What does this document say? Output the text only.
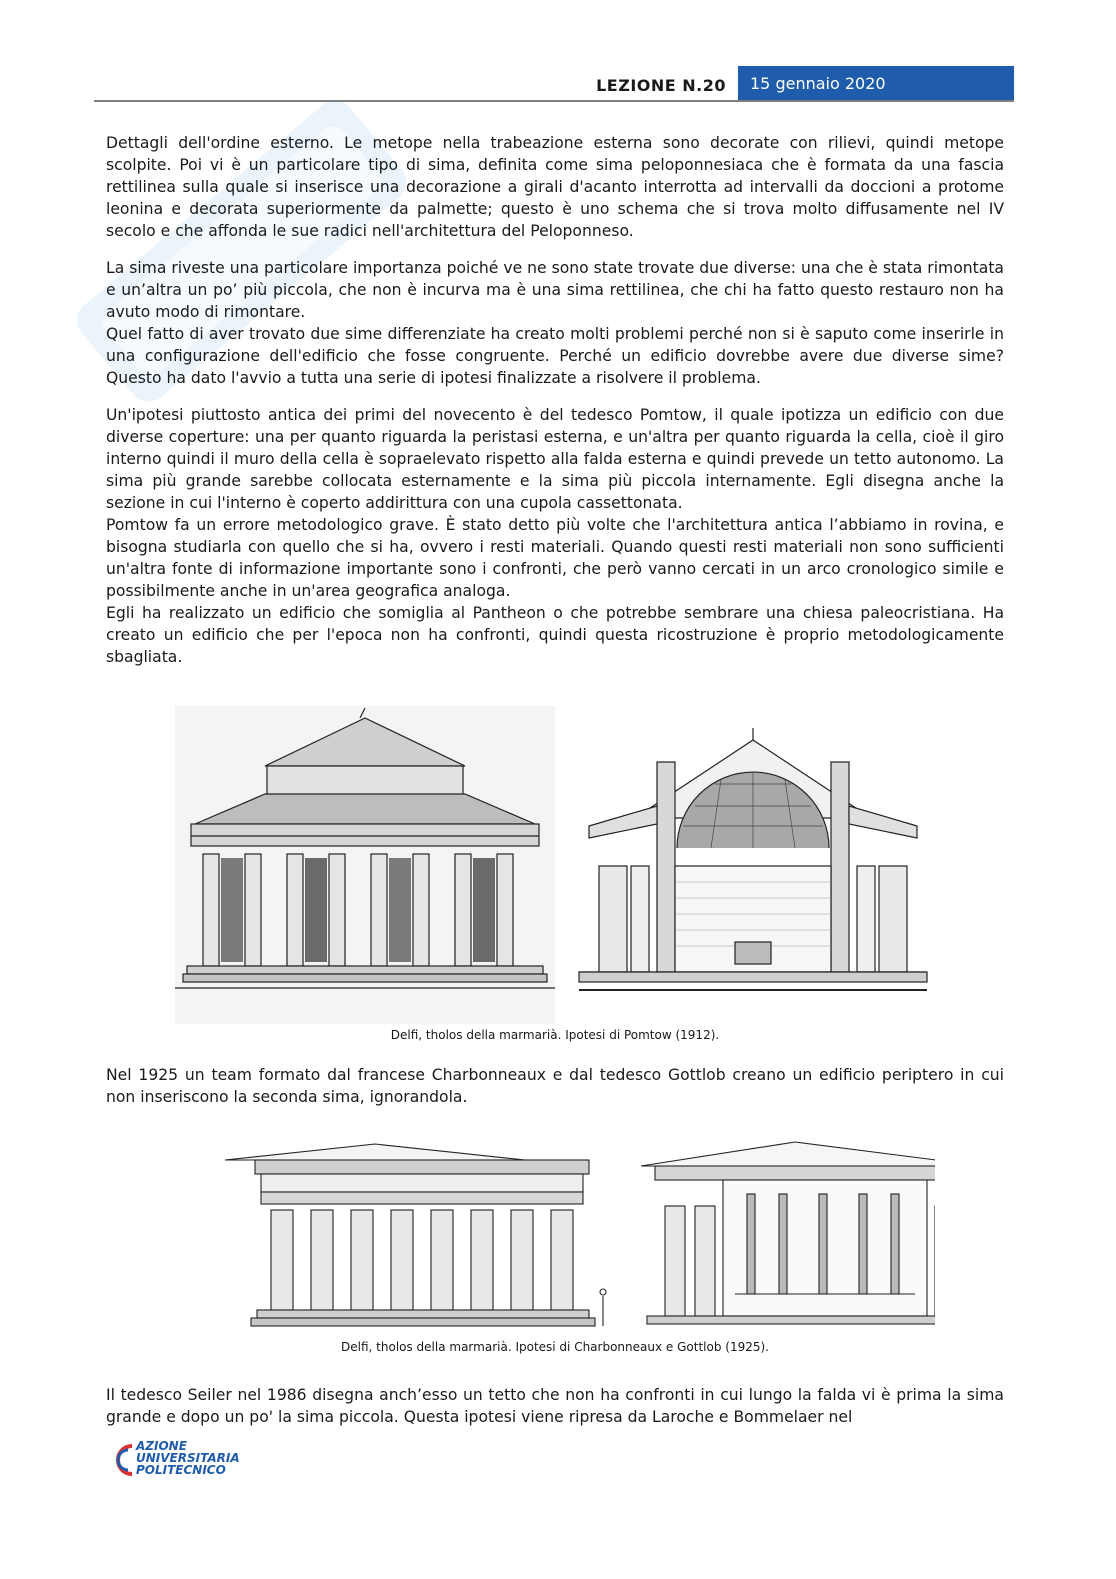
LEZIONE N.20	15 gennaio 2020

Dettagli dell'ordine esterno. Le metope nella trabeazione esterna sono decorate con rilievi, quindi metope scolpite. Poi vi è un particolare tipo di sima, definita come sima peloponnesiaca che è formata da una fascia rettilinea sulla quale si inserisce una decorazione a girali d'acanto interrotta ad intervalli da doccioni a protome leonina e decorata superiormente da palmette; questo è uno schema che si trova molto diffusamente nel IV secolo e che affonda le sue radici nell'architettura del Peloponneso.

La sima riveste una particolare importanza poiché ve ne sono state trovate due diverse: una che è stata rimontata e un’altra un po’ più piccola, che non è incurva ma è una sima rettilinea, che chi ha fatto questo restauro non ha avuto modo di rimontare.

Quel fatto di aver trovato due sime differenziate ha creato molti problemi perché non si è saputo come inserirle in una configurazione dell'edificio che fosse congruente. Perché un edificio dovrebbe avere due diverse sime? Questo ha dato l'avvio a tutta una serie di ipotesi finalizzate a risolvere il problema.

Un'ipotesi piuttosto antica dei primi del novecento è del tedesco Pomtow, il quale ipotizza un edificio con due diverse coperture: una per quanto riguarda la peristasi esterna, e un'altra per quanto riguarda la cella, cioè il giro interno quindi il muro della cella è sopraelevato rispetto alla falda esterna e quindi prevede un tetto autonomo. La sima più grande sarebbe collocata esternamente e la sima più piccola internamente. Egli disegna anche la sezione in cui l'interno è coperto addirittura con una cupola cassettonata.

Pomtow fa un errore metodologico grave. È stato detto più volte che l'architettura antica l’abbiamo in rovina, e bisogna studiarla con quello che si ha, ovvero i resti materiali. Quando questi resti materiali non sono sufficienti un'altra fonte di informazione importante sono i confronti, che però vanno cercati in un arco cronologico simile e possibilmente anche in un'area geografica analoga.

Egli ha realizzato un edificio che somiglia al Pantheon o che potrebbe sembrare una chiesa paleocristiana. Ha creato un edificio che per l'epoca non ha confronti, quindi questa ricostruzione è proprio metodologicamente sbagliata.

Delfi, tholos della marmarià. Ipotesi di Pomtow (1912).

Nel 1925 un team formato dal francese Charbonneaux e dal tedesco Gottlob creano un edificio periptero in cui non inseriscono la seconda sima, ignorandola.

Delfi, tholos della marmarià. Ipotesi di Charbonneaux e Gottlob (1925).

Il tedesco Seiler nel 1986 disegna anch’esso un tetto che non ha confronti in cui lungo la falda vi è prima la sima grande e dopo un po' la sima piccola. Questa ipotesi viene ripresa da Laroche e Bommelaer nel

AZIONE
UNIVERSITARIA
POLITECNICO
